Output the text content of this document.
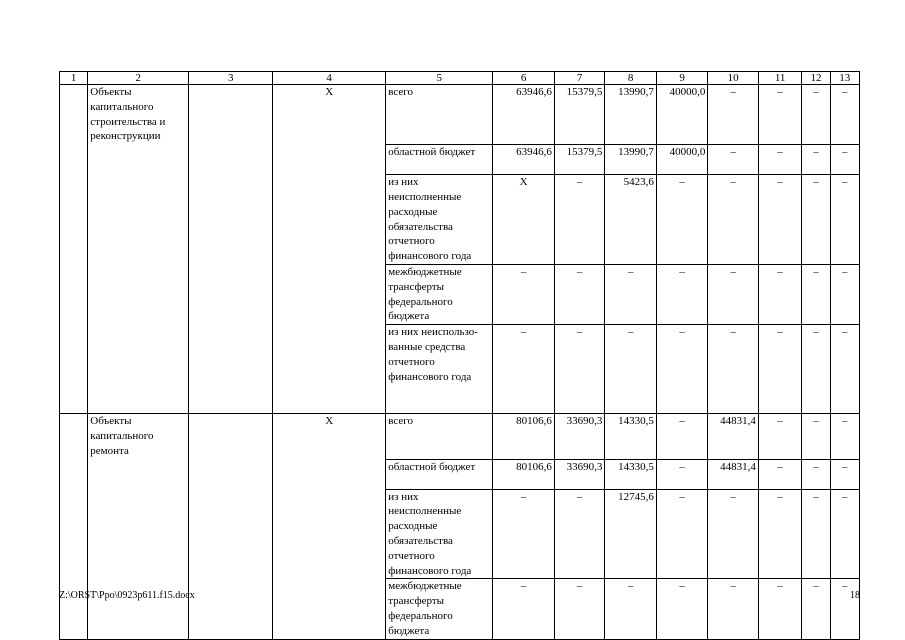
1	2	3	4	5	6	7	8	9	10	11	12	13
	Объекты капитального строительства и реконструкции		Х	всего	63946,6	15379,5	13990,7	40000,0	–	–	–	–
				областной бюджет	63946,6	15379,5	13990,7	40000,0	–	–	–	–
				из них неисполненные расходные обязательства отчетного финансового года	Х	–	5423,6	–	–	–	–	–
				межбюджетные трансферты федерального бюджета	–	–	–	–	–	–	–	–
				из них неиспользо-ванные средства отчетного финансового года	–	–	–	–	–	–	–	–
	Объекты капитального ремонта		Х	всего	80106,6	33690,3	14330,5	–	44831,4	–	–	–
				областной бюджет	80106,6	33690,3	14330,5	–	44831,4	–	–	–
				из них неисполненные расходные обязательства отчетного финансового года	–	–	12745,6	–	–	–	–	–
				межбюджетные трансферты федерального бюджета	–	–	–	–	–	–	–	–
Z:\ORST\Ppo\0923p611.f15.docx	18
